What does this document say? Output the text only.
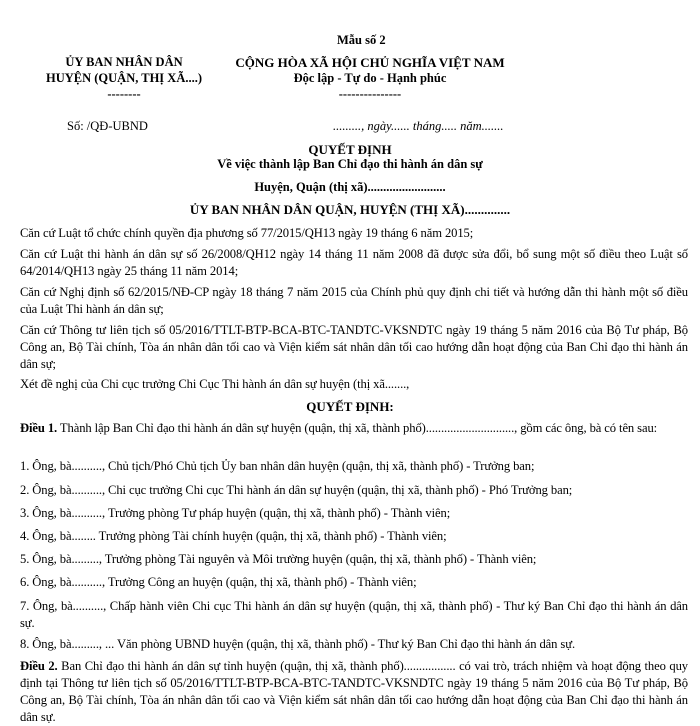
Mẫu số 2
ỦY BAN NHÂN DÂN
HUYỆN (QUẬN, THỊ XÃ....)
--------
CỘNG HÒA XÃ HỘI CHỦ NGHĨA VIỆT NAM
Độc lập - Tự do - Hạnh phúc
---------------
Số: /QĐ-UBND	........., ngày...... tháng..... năm.......
QUYẾT ĐỊNH
Về việc thành lập Ban Chỉ đạo thi hành án dân sự
Huyện, Quận (thị xã).........................
ỦY BAN NHÂN DÂN QUẬN, HUYỆN (THỊ XÃ)..............
Căn cứ Luật tổ chức chính quyền địa phương số 77/2015/QH13 ngày 19 tháng 6 năm 2015;
Căn cứ Luật thi hành án dân sự số 26/2008/QH12 ngày 14 tháng 11 năm 2008 đã được sửa đổi, bổ sung một số điều theo Luật số 64/2014/QH13 ngày 25 tháng 11 năm 2014;
Căn cứ Nghị định số 62/2015/NĐ-CP ngày 18 tháng 7 năm 2015 của Chính phủ quy định chi tiết và hướng dẫn thi hành một số điều của Luật Thi hành án dân sự;
Căn cứ Thông tư liên tịch số 05/2016/TTLT-BTP-BCA-BTC-TANDTC-VKSNDTC ngày 19 tháng 5 năm 2016 của Bộ Tư pháp, Bộ Công an, Bộ Tài chính, Tòa án nhân dân tối cao và Viện kiểm sát nhân dân tối cao hướng dẫn hoạt động của Ban Chỉ đạo thi hành án dân sự;
Xét đề nghị của Chi cục trưởng Chi Cục Thi hành án dân sự huyện (thị xã.......,
QUYẾT ĐỊNH:
Điều 1. Thành lập Ban Chỉ đạo thi hành án dân sự huyện (quận, thị xã, thành phố)............................., gồm các ông, bà có tên sau:
1. Ông, bà.........., Chủ tịch/Phó Chủ tịch Ủy ban nhân dân huyện (quận, thị xã, thành phố) - Trưởng ban;
2. Ông, bà.........., Chi cục trưởng Chi cục Thi hành án dân sự huyện (quận, thị xã, thành phố) - Phó Trưởng ban;
3. Ông, bà.........., Trưởng phòng Tư pháp huyện (quận, thị xã, thành phố) - Thành viên;
4. Ông, bà........ Trưởng phòng Tài chính huyện (quận, thị xã, thành phố) - Thành viên;
5. Ông, bà........., Trưởng phòng Tài nguyên và Môi trường huyện (quận, thị xã, thành phố) - Thành viên;
6. Ông, bà.........., Trưởng Công an huyện (quận, thị xã, thành phố) - Thành viên;
7. Ông, bà.........., Chấp hành viên Chi cục Thi hành án dân sự huyện (quận, thị xã, thành phố) - Thư ký Ban Chỉ đạo thi hành án dân sự.
8. Ông, bà........., ... Văn phòng UBND huyện (quận, thị xã, thành phố) - Thư ký Ban Chỉ đạo thi hành án dân sự.
Điều 2. Ban Chỉ đạo thi hành án dân sự tỉnh huyện (quận, thị xã, thành phố)................. có vai trò, trách nhiệm và hoạt động theo quy định tại Thông tư liên tịch số 05/2016/TTLT-BTP-BCA-BTC-TANDTC-VKSNDTC ngày 19 tháng 5 năm 2016 của Bộ Tư pháp, Bộ Công an, Bộ Tài chính, Tòa án nhân dân tối cao và Viện kiểm sát nhân dân tối cao hướng dẫn hoạt động của Ban Chỉ đạo thi hành án dân sự.
